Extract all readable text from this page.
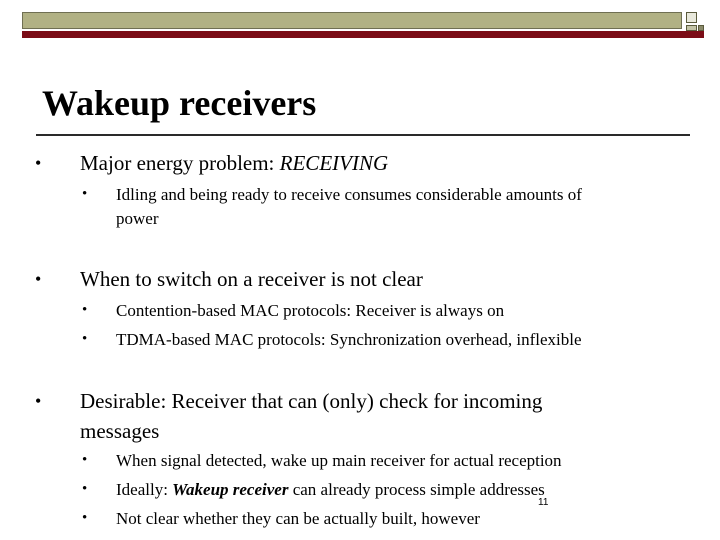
Wakeup receivers
• Major energy problem: RECEIVING
• Idling and being ready to receive consumes considerable amounts of
power
• When to switch on a receiver is not clear
• Contention-based MAC protocols: Receiver is always on
• TDMA-based MAC protocols: Synchronization overhead, inflexible
• Desirable: Receiver that can (only) check for incoming
messages
• When signal detected, wake up main receiver for actual reception
• Ideally: Wakeup receiver can already process simple addresses
• Not clear whether they can be actually built, however
11
